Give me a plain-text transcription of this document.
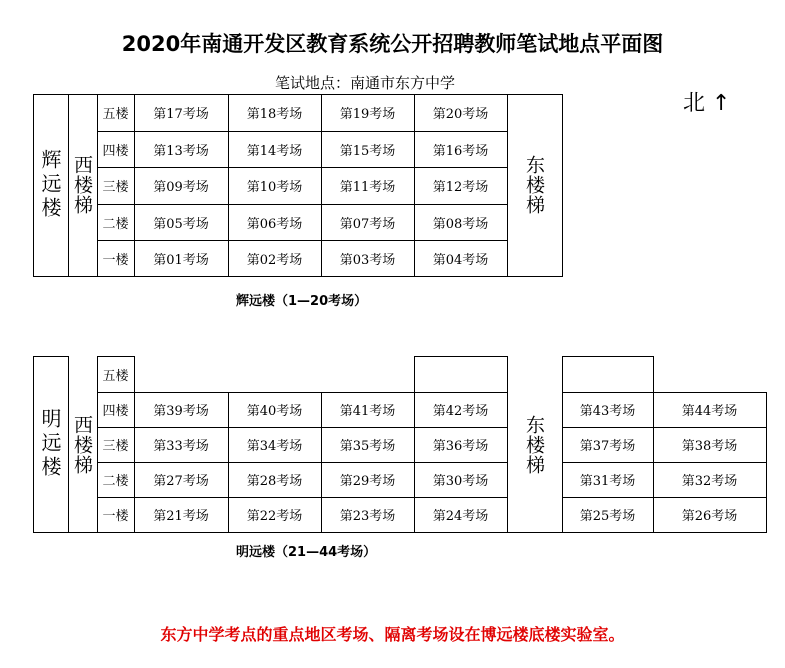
2020年南通开发区教育系统公开招聘教师笔试地点平面图
笔试地点：南通市东方中学
北 ↑
辉远楼 西楼梯	东楼梯
五楼	第17考场	第18考场	第19考场	第20考场
四楼	第13考场	第14考场	第15考场	第16考场
三楼	第09考场	第10考场	第11考场	第12考场
二楼	第05考场	第06考场	第07考场	第08考场
一楼	第01考场	第02考场	第03考场	第04考场
辉远楼（1—20考场）
明远楼 西楼梯	东楼梯
五楼
四楼	第39考场	第40考场	第41考场	第42考场	第43考场	第44考场
三楼	第33考场	第34考场	第35考场	第36考场	第37考场	第38考场
二楼	第27考场	第28考场	第29考场	第30考场	第31考场	第32考场
一楼	第21考场	第22考场	第23考场	第24考场	第25考场	第26考场
明远楼（21—44考场）
东方中学考点的重点地区考场、隔离考场设在博远楼底楼实验室。
